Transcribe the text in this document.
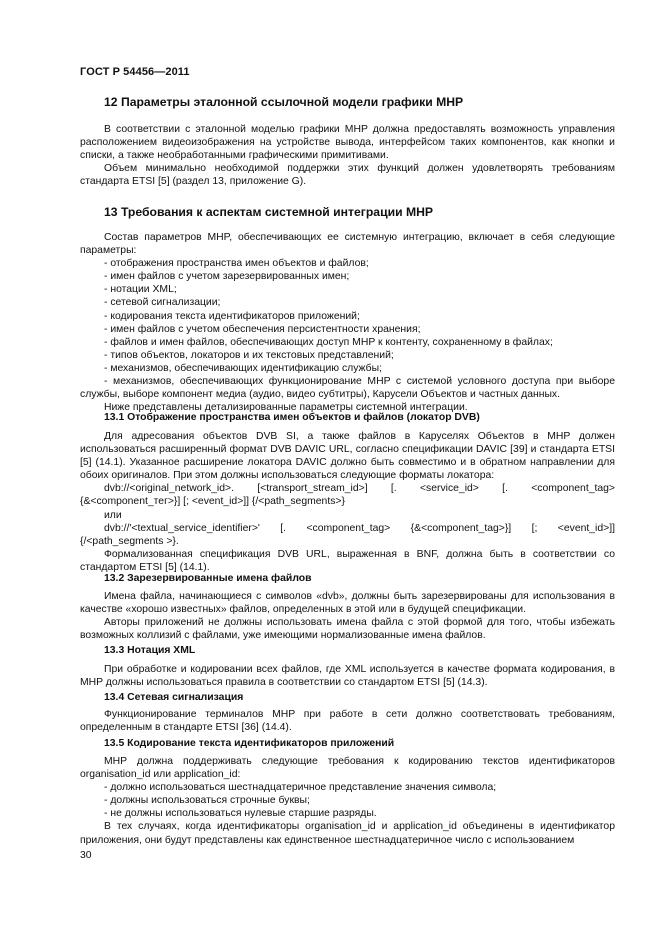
ГОСТ Р 54456—2011
12 Параметры эталонной ссылочной модели графики MHP

В соответствии с эталонной моделью графики MHP должна предоставлять возможность управления расположением видеоизображения на устройстве вывода, интерфейсом таких компонентов, как кнопки и списки, а также необработанными графическими примитивами.

Объем минимально необходимой поддержки этих функций должен удовлетворять требованиям стандарта ETSI [5] (раздел 13, приложение G).

13 Требования к аспектам системной интеграции MHP

Состав параметров MHP, обеспечивающих ее системную интеграцию, включает в себя следующие параметры:

- отображения пространства имен объектов и файлов;
- имен файлов с учетом зарезервированных имен;
- нотации XML;
- сетевой сигнализации;
- кодирования текста идентификаторов приложений;
- имен файлов с учетом обеспечения персистентности хранения;
- файлов и имен файлов, обеспечивающих доступ MHP к контенту, сохраненному в файлах;
- типов объектов, локаторов и их текстовых представлений;
- механизмов, обеспечивающих идентификацию службы;

- механизмов, обеспечивающих функционирование MHP с системой условного доступа при выборе службы, выборе компонент медиа (аудио, видео субтитры), Карусели Объектов и частных данных.

Ниже представлены детализированные параметры системной интеграции.

13.1 Отображение пространства имен объектов и файлов (локатор DVB)

Для адресования объектов DVB SI, а также файлов в Каруселях Объектов в MHP должен использоваться расширенный формат DVB DAVIC URL, согласно спецификации DAVIC [39] и стандарта ETSI [5] (14.1). Указанное расширение локатора DAVIC должно быть совместимо и в обратном направлении для обоих оригиналов. При этом должны использоваться следующие форматы локатора:

dvb://<original_network_id>. [<transport_stream_id>] [. <service_id> [. <component_tag>
{&<component_тег>}] [; <event_id>]] {/<path_segments>}
или
dvb://'<textual_service_identifier>' [. <component_tag> {&<component_tag>}] [; <event_id>]]
{/<path_segments >}.

Формализованная спецификация DVB URL, выраженная в BNF, должна быть в соответствии со стандартом ETSI [5] (14.1).

13.2 Зарезервированные имена файлов

Имена файла, начинающиеся с символов «dvb», должны быть зарезервированы для использования в качестве «хорошо известных» файлов, определенных в этой или в будущей спецификации.

Авторы приложений не должны использовать имена файла с этой формой для того, чтобы избежать возможных коллизий с файлами, уже имеющими нормализованные имена файлов.

13.3 Нотация XML

При обработке и кодировании всех файлов, где XML используется в качестве формата кодирования, в MHP должны использоваться правила в соответствии со стандартом ETSI [5] (14.3).

13.4 Сетевая сигнализация

Функционирование терминалов MHP при работе в сети должно соответствовать требованиям, определенным в стандарте ETSI [36] (14.4).

13.5 Кодирование текста идентификаторов приложений

MHP должна поддерживать следующие требования к кодированию текстов идентификаторов organisation_id или application_id:

- должно использоваться шестнадцатеричное представление значения символа;
- должны использоваться строчные буквы;
- не должны использоваться нулевые старшие разряды.

В тех случаях, когда идентификаторы organisation_id и application_id объединены в идентификатор приложения, они будут представлены как единственное шестнадцатеричное число с использованием

30
